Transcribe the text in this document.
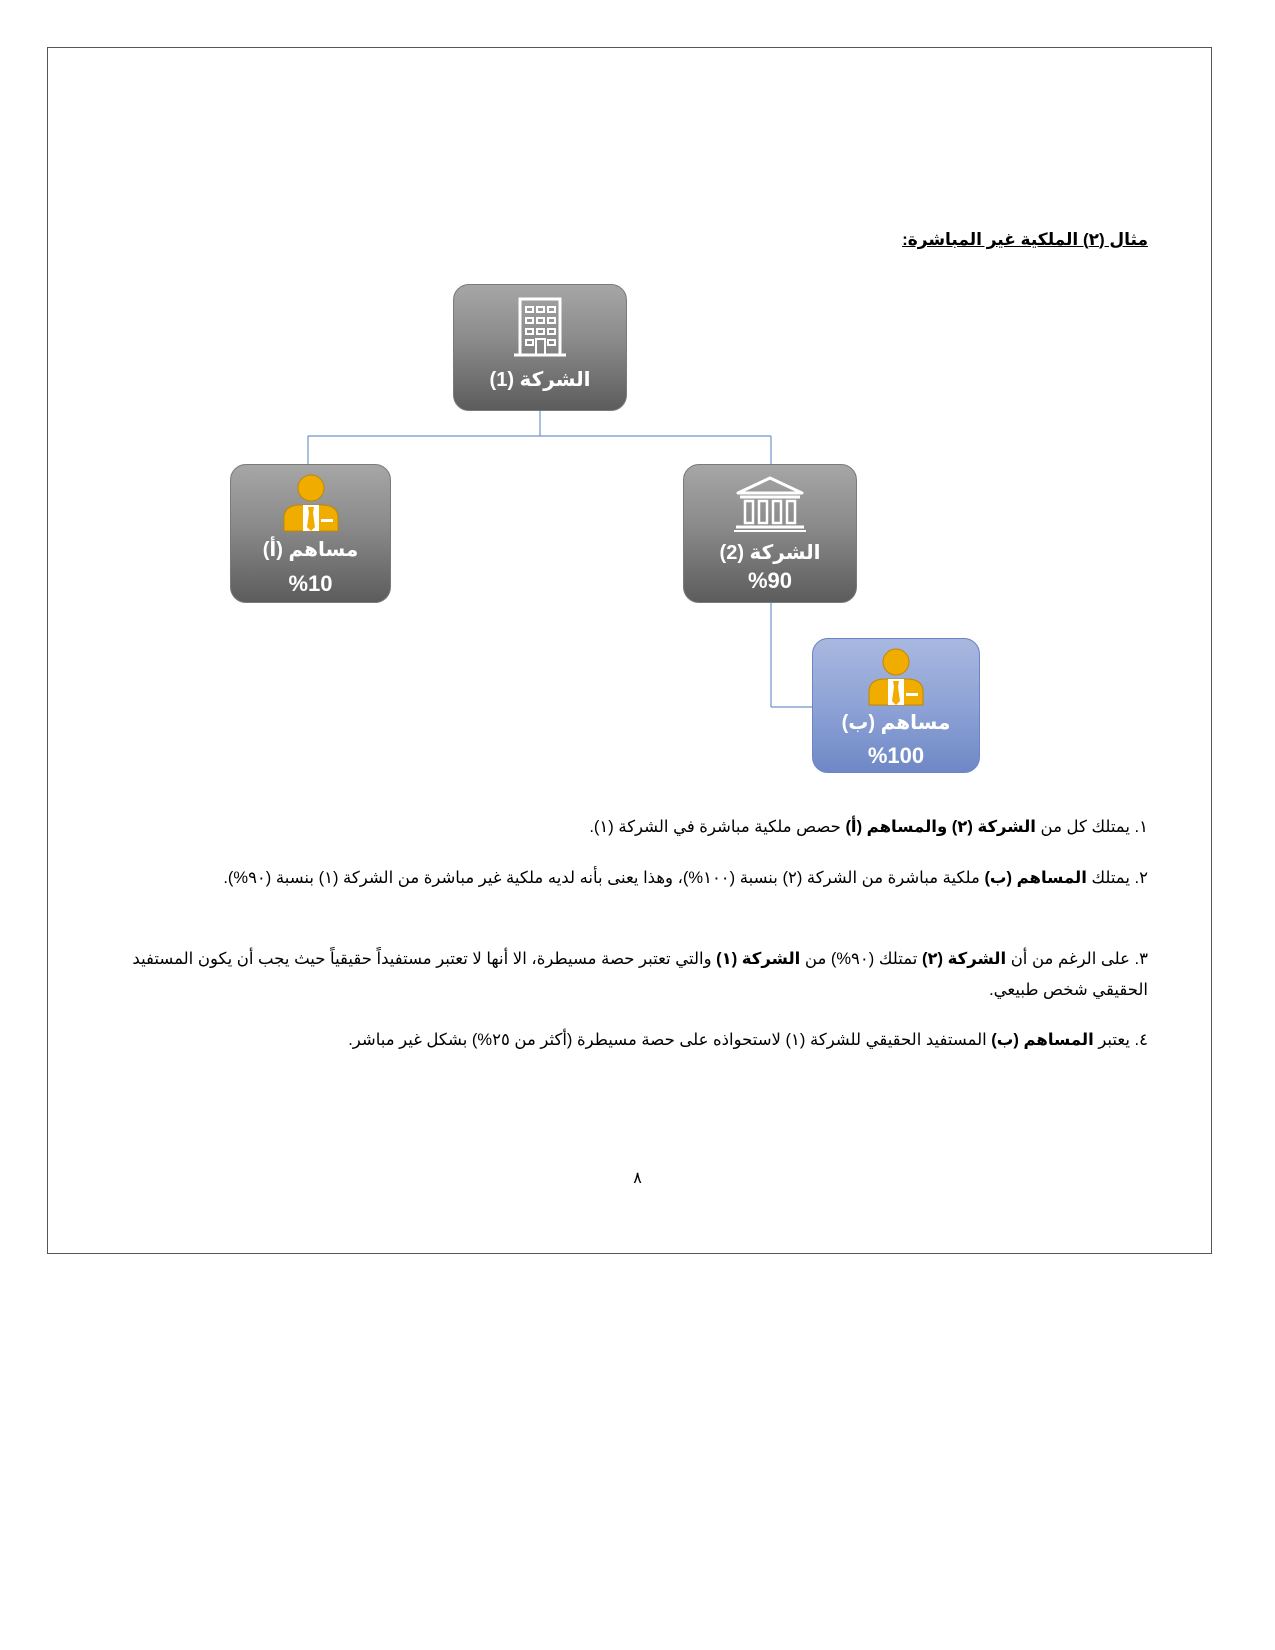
مثال (٢) الملكية غير المباشرة:
الشركة (1)
مساهم (أ)
%10
الشركة (2)
%90
مساهم (ب)
%100
١. يمتلك كل من الشركة (٢) والمساهم (أ) حصص ملكية مباشرة في الشركة (١).
٢. يمتلك المساهم (ب) ملكية مباشرة من الشركة (٢) بنسبة (١٠٠%)، وهذا يعنى بأنه لديه ملكية غير مباشرة من الشركة (١) بنسبة (٩٠%).
٣. على الرغم من أن الشركة (٢) تمتلك (٩٠%) من الشركة (١) والتي تعتبر حصة مسيطرة، الا أنها لا تعتبر مستفيداً حقيقياً حيث يجب أن يكون المستفيد الحقيقي شخص طبيعي.
٤. يعتبر المساهم (ب) المستفيد الحقيقي للشركة (١) لاستحواذه على حصة مسيطرة (أكثر من ٢٥%) بشكل غير مباشر.
٨
